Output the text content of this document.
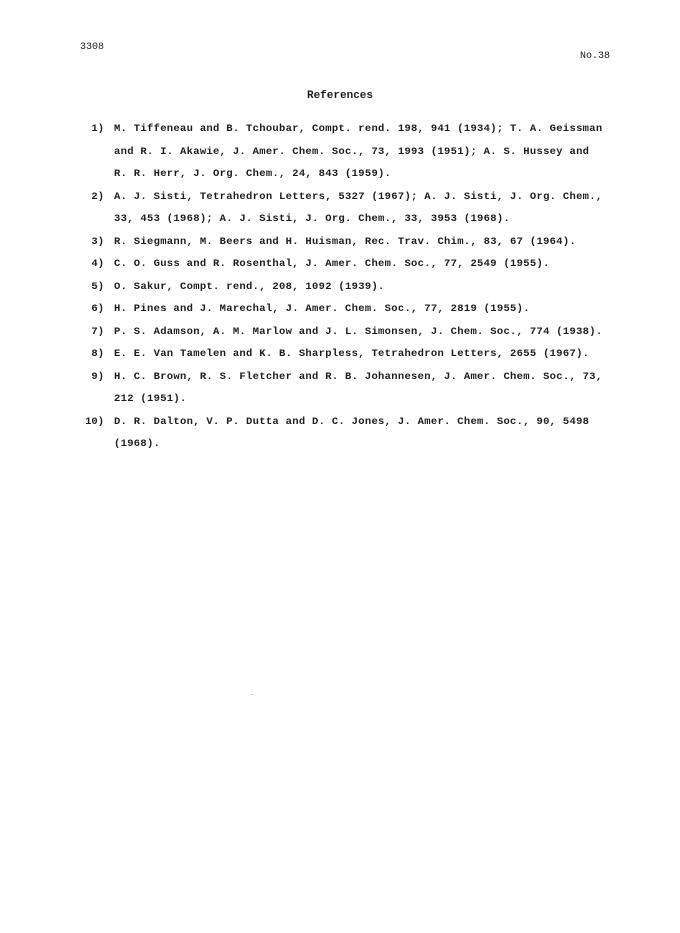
3308
No.38
References
1) M. Tiffeneau and B. Tchoubar, Compt. rend. 198, 941 (1934); T. A. Geissman
and R. I. Akawie, J. Amer. Chem. Soc., 73, 1993 (1951); A. S. Hussey and
R. R. Herr, J. Org. Chem., 24, 843 (1959).
2) A. J. Sisti, Tetrahedron Letters, 5327 (1967); A. J. Sisti, J. Org. Chem.,
33, 453 (1968); A. J. Sisti, J. Org. Chem., 33, 3953 (1968).
3) R. Siegmann, M. Beers and H. Huisman, Rec. Trav. Chim., 83, 67 (1964).
4) C. O. Guss and R. Rosenthal, J. Amer. Chem. Soc., 77, 2549 (1955).
5) O. Sakur, Compt. rend., 208, 1092 (1939).
6) H. Pines and J. Marechal, J. Amer. Chem. Soc., 77, 2819 (1955).
7) P. S. Adamson, A. M. Marlow and J. L. Simonsen, J. Chem. Soc., 774 (1938).
8) E. E. Van Tamelen and K. B. Sharpless, Tetrahedron Letters, 2655 (1967).
9) H. C. Brown, R. S. Fletcher and R. B. Johannesen, J. Amer. Chem. Soc., 73,
212 (1951).
10) D. R. Dalton, V. P. Dutta and D. C. Jones, J. Amer. Chem. Soc., 90, 5498
(1968).
